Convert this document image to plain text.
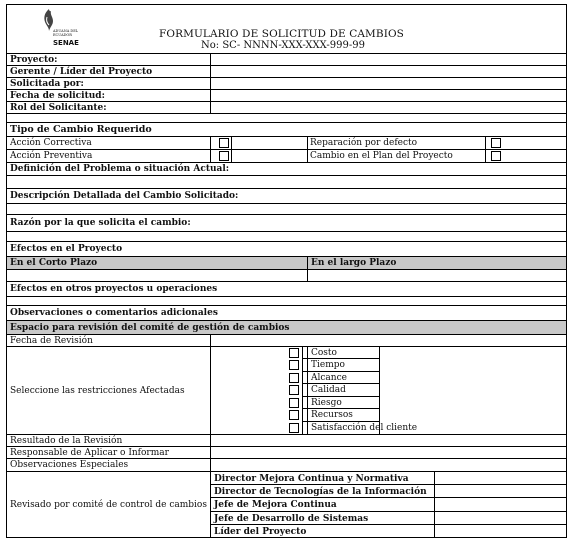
ADUANA DEL
ECUADOR
SENAE
FORMULARIO DE SOLICITUD DE CAMBIOS
No: SC- NNNN-XXX-XXX-999-99
Proyecto:
Gerente / Líder del Proyecto
Solicitada por:
Fecha de solicitud:
Rol del Solicitante:
Tipo de Cambio Requerido
Acción Correctiva	Reparación por defecto
Acción Preventiva	Cambio en el Plan del Proyecto
Definición del Problema o situación Actual:
Descripción Detallada del Cambio Solicitado:
Razón por la que solicita el cambio:
Efectos en el Proyecto
En el Corto Plazo	En el largo Plazo
Efectos en otros proyectos u operaciones
Observaciones o comentarios adicionales
Espacio para revisión del comité de gestión de cambios
Fecha de Revisión
Seleccione las restricciones Afectadas
Costo
Tiempo
Alcance
Calidad
Riesgo
Recursos
Satisfacción del cliente
Resultado de la Revisión
Responsable de Aplicar o Informar
Observaciones Especiales
Revisado por comité de control de cambios
Director Mejora Continua y Normativa
Director de Tecnologías de la Información
Jefe de Mejora Continua
Jefe de Desarrollo de Sistemas
Líder del Proyecto
